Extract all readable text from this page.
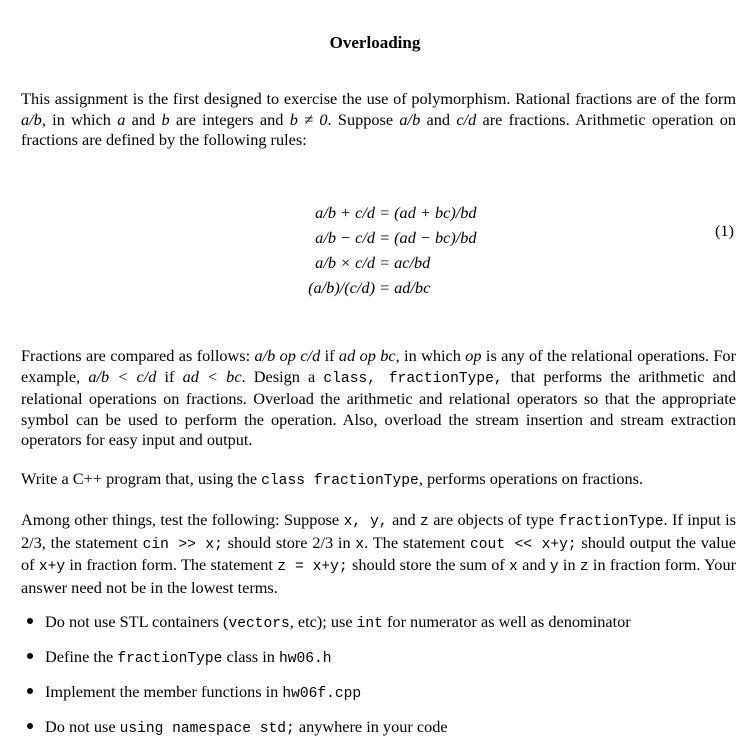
Overloading
This assignment is the first designed to exercise the use of polymorphism. Rational fractions are of the form a/b, in which a and b are integers and b ≠ 0. Suppose a/b and c/d are fractions. Arithmetic operation on fractions are defined by the following rules:

a/b + c/d = (ad + bc)/bd

a/b − c/d = (ad − bc)/bd

a/b × c/d = ac/bd

(a/b)/(c/d) = ad/bc

(1)
Fractions are compared as follows: a/b op c/d if ad op bc, in which op is any of the relational operations. For example, a/b < c/d if ad < bc. Design a class, fractionType, that performs the arithmetic and relational operations on fractions. Overload the arithmetic and relational operators so that the appropriate symbol can be used to perform the operation. Also, overload the stream insertion and stream extraction operators for easy input and output.
Write a C++ program that, using the class fractionType, performs operations on fractions.
Among other things, test the following: Suppose x, y, and z are objects of type fractionType. If input is 2/3, the statement cin >> x; should store 2/3 in x. The statement cout << x+y; should output the value of x+y in fraction form. The statement z = x+y; should store the sum of x and y in z in fraction form. Your answer need not be in the lowest terms.
Do not use STL containers (vectors, etc); use int for numerator as well as denominator
Define the fractionType class in hw06.h
Implement the member functions in hw06f.cpp
Do not use using namespace std; anywhere in your code
